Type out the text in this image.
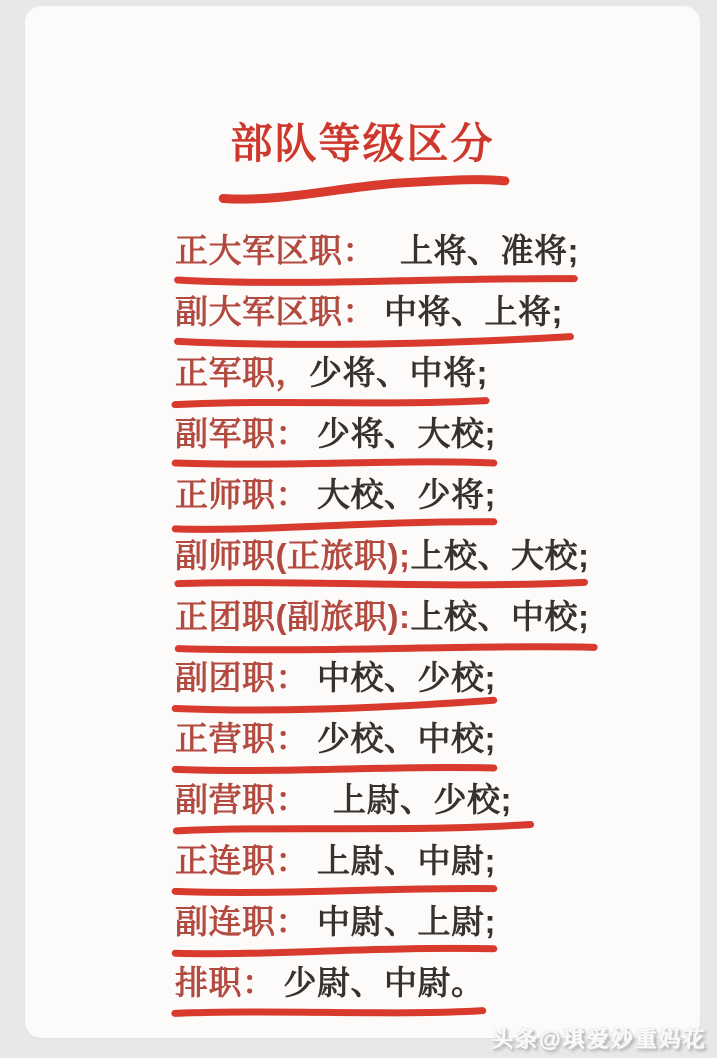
部队等级区分
正大军区职： 上将、准将;
副大军区职： 中将、上将;
正军职，少将、中将;
副军职： 少将、大校;
正师职： 大校、少将;
副师职(正旅职);上校、大校;
正团职(副旅职):上校、中校;
副团职： 中校、少校;
正营职： 少校、中校;
副营职： 上尉、少校;
正连职： 上尉、中尉;
副连职： 中尉、上尉;
排职： 少尉、中尉。
头条@琪爱妙重妈花
